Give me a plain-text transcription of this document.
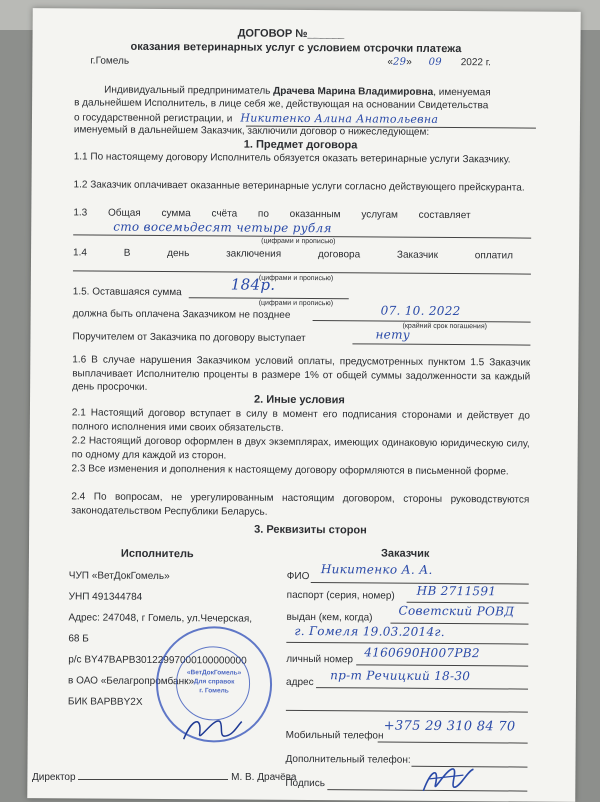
ДОГОВОР №______
оказания ветеринарных услуг с условием отсрочки платежа
г.Гомель	«29» 09 2022 г.
Индивидуальный предприниматель Драчева Марина Владимировна, именуемая
в дальнейшем Исполнитель, в лице себя же, действующая на основании Свидетельства
о государственной регистрации, и Никитенко Алина Анатольевна
именуемый в дальнейшем Заказчик, заключили договор о нижеследующем:
1. Предмет договора
1.1 По настоящему договору Исполнитель обязуется оказать ветеринарные услуги Заказчику.
1.2 Заказчик оплачивает оказанные ветеринарные услуги согласно действующего прейскуранта.
1.3 Общая сумма счёта по оказанным услугам составляет
сто восемьдесят четыре рубля
(цифрами и прописью)
1.4 В день заключения договора Заказчик оплатил
(цифрами и прописью)
1.5. Оставшаяся сумма	184р.
(цифрами и прописью)
должна быть оплачена Заказчиком не позднее	07. 10. 2022
(крайний срок погашения)
Поручителем от Заказчика по договору выступает	нету
1.6 В случае нарушения Заказчиком условий оплаты, предусмотренных пунктом 1.5 Заказчик выплачивает Исполнителю проценты в размере 1% от общей суммы задолженности за каждый день просрочки.
2. Иные условия
2.1 Настоящий договор вступает в силу в момент его подписания сторонами и действует до полного исполнения ими своих обязательств.
2.2 Настоящий договор оформлен в двух экземплярах, имеющих одинаковую юридическую силу, по одному для каждой из сторон.
2.3 Все изменения и дополнения к настоящему договору оформляются в письменной форме.
2.4 По вопросам, не урегулированным настоящим договором, стороны руководствуются законодательством Республики Беларусь.
3. Реквизиты сторон
Исполнитель
ЧУП «ВетДокГомель»
УНП 491344784
Адрес: 247048, г Гомель, ул.Чечерская,
68 Б
р/с BY47BAPB30122997000100000000
в ОАО «Белагропромбанк»
БИК BAPBBY2X
Заказчик
ФИО Никитенко А. А.
паспорт (серия, номер) HB 2711591
выдан (кем, когда) Советский РОВД
г. Гомеля 19.03.2014г.
личный номер 4160690H007PB2
адрес пр-т Речицкий 18-30
Мобильный телефон
+375 29 310 84 70
Дополнительный телефон:
Подпись
«ВетДокГомель»
Для справок
г. Гомель
Директор	М. В. Драчёва
